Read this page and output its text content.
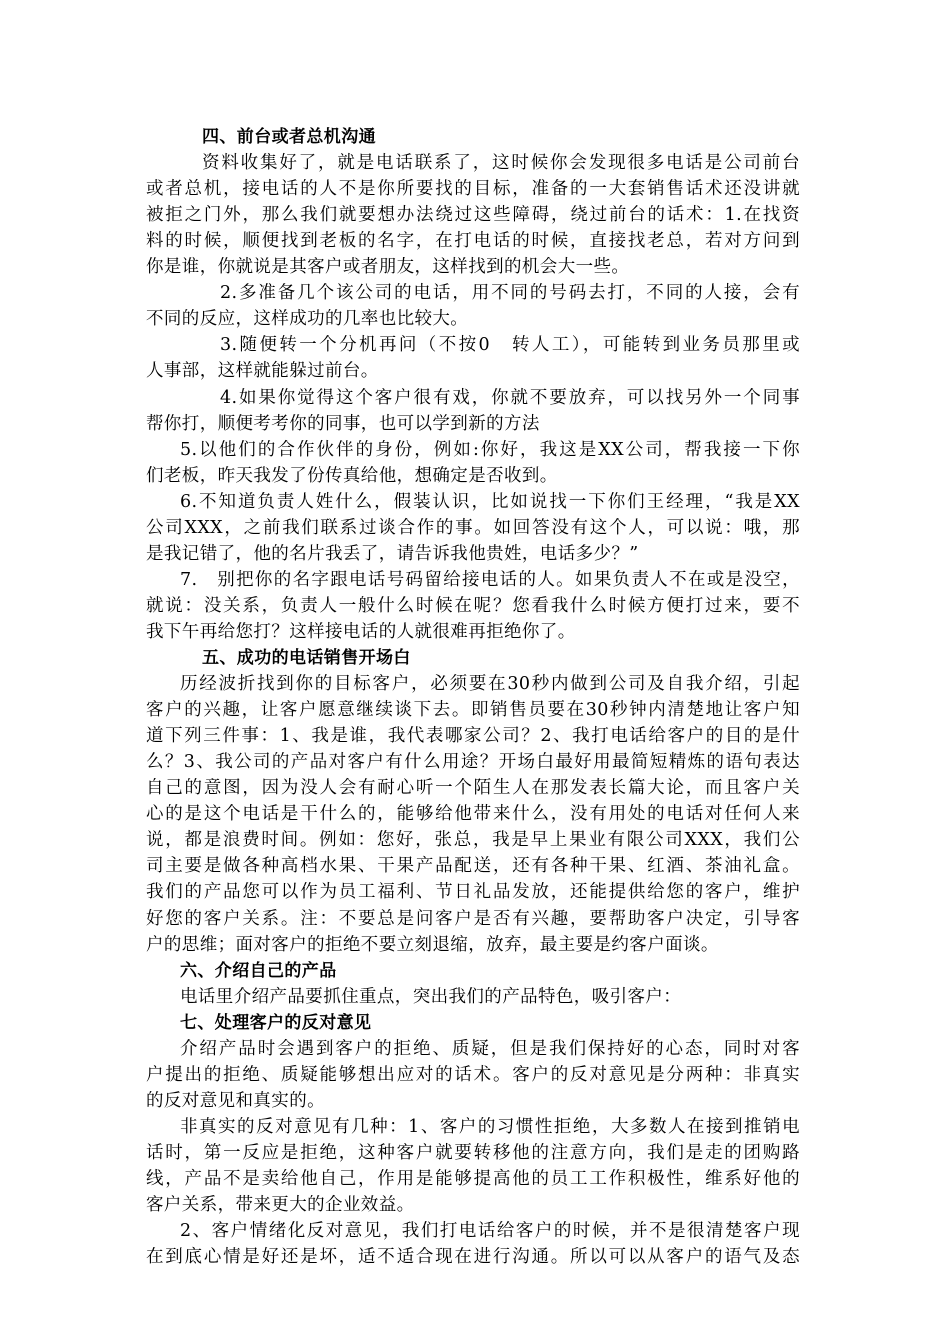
四、前台或者总机沟通
资料收集好了，就是电话联系了，这时候你会发现很多电话是公司前台
或者总机，接电话的人不是你所要找的目标，准备的一大套销售话术还没讲就
被拒之门外，那么我们就要想办法绕过这些障碍，绕过前台的话术：1.在找资
料的时候，顺便找到老板的名字，在打电话的时候，直接找老总，若对方问到
你是谁，你就说是其客户或者朋友，这样找到的机会大一些。
2.多准备几个该公司的电话，用不同的号码去打，不同的人接，会有
不同的反应，这样成功的几率也比较大。
3.随便转一个分机再问（不按0　转人工），可能转到业务员那里或
人事部，这样就能躲过前台。
4.如果你觉得这个客户很有戏，你就不要放弃，可以找另外一个同事
帮你打，顺便考考你的同事，也可以学到新的方法
5.以他们的合作伙伴的身份，例如:你好，我这是XX公司，帮我接一下你
们老板，昨天我发了份传真给他，想确定是否收到。
6.不知道负责人姓什么，假装认识，比如说找一下你们王经理，“我是XX
公司XXX，之前我们联系过谈合作的事。如回答没有这个人，可以说：哦，那
是我记错了，他的名片我丢了，请告诉我他贵姓，电话多少？”
7.　别把你的名字跟电话号码留给接电话的人。如果负责人不在或是没空，
就说：没关系，负责人一般什么时候在呢？您看我什么时候方便打过来，要不
我下午再给您打？这样接电话的人就很难再拒绝你了。
五、成功的电话销售开场白
历经波折找到你的目标客户，必须要在30秒内做到公司及自我介绍，引起
客户的兴趣，让客户愿意继续谈下去。即销售员要在30秒钟内清楚地让客户知
道下列三件事：1、我是谁，我代表哪家公司？2、我打电话给客户的目的是什
么？3、我公司的产品对客户有什么用途？开场白最好用最简短精炼的语句表达
自己的意图，因为没人会有耐心听一个陌生人在那发表长篇大论，而且客户关
心的是这个电话是干什么的，能够给他带来什么，没有用处的电话对任何人来
说，都是浪费时间。例如：您好，张总，我是早上果业有限公司XXX，我们公
司主要是做各种高档水果、干果产品配送，还有各种干果、红酒、茶油礼盒。
我们的产品您可以作为员工福利、节日礼品发放，还能提供给您的客户，维护
好您的客户关系。注：不要总是问客户是否有兴趣，要帮助客户决定，引导客
户的思维；面对客户的拒绝不要立刻退缩，放弃，最主要是约客户面谈。
六、介绍自己的产品
电话里介绍产品要抓住重点，突出我们的产品特色，吸引客户：
七、处理客户的反对意见
介绍产品时会遇到客户的拒绝、质疑，但是我们保持好的心态，同时对客
户提出的拒绝、质疑能够想出应对的话术。客户的反对意见是分两种：非真实
的反对意见和真实的。
非真实的反对意见有几种：1、客户的习惯性拒绝，大多数人在接到推销电
话时，第一反应是拒绝，这种客户就要转移他的注意方向，我们是走的团购路
线，产品不是卖给他自己，作用是能够提高他的员工工作积极性，维系好他的
客户关系，带来更大的企业效益。
2、客户情绪化反对意见，我们打电话给客户的时候，并不是很清楚客户现
在到底心情是好还是坏，适不适合现在进行沟通。所以可以从客户的语气及态
